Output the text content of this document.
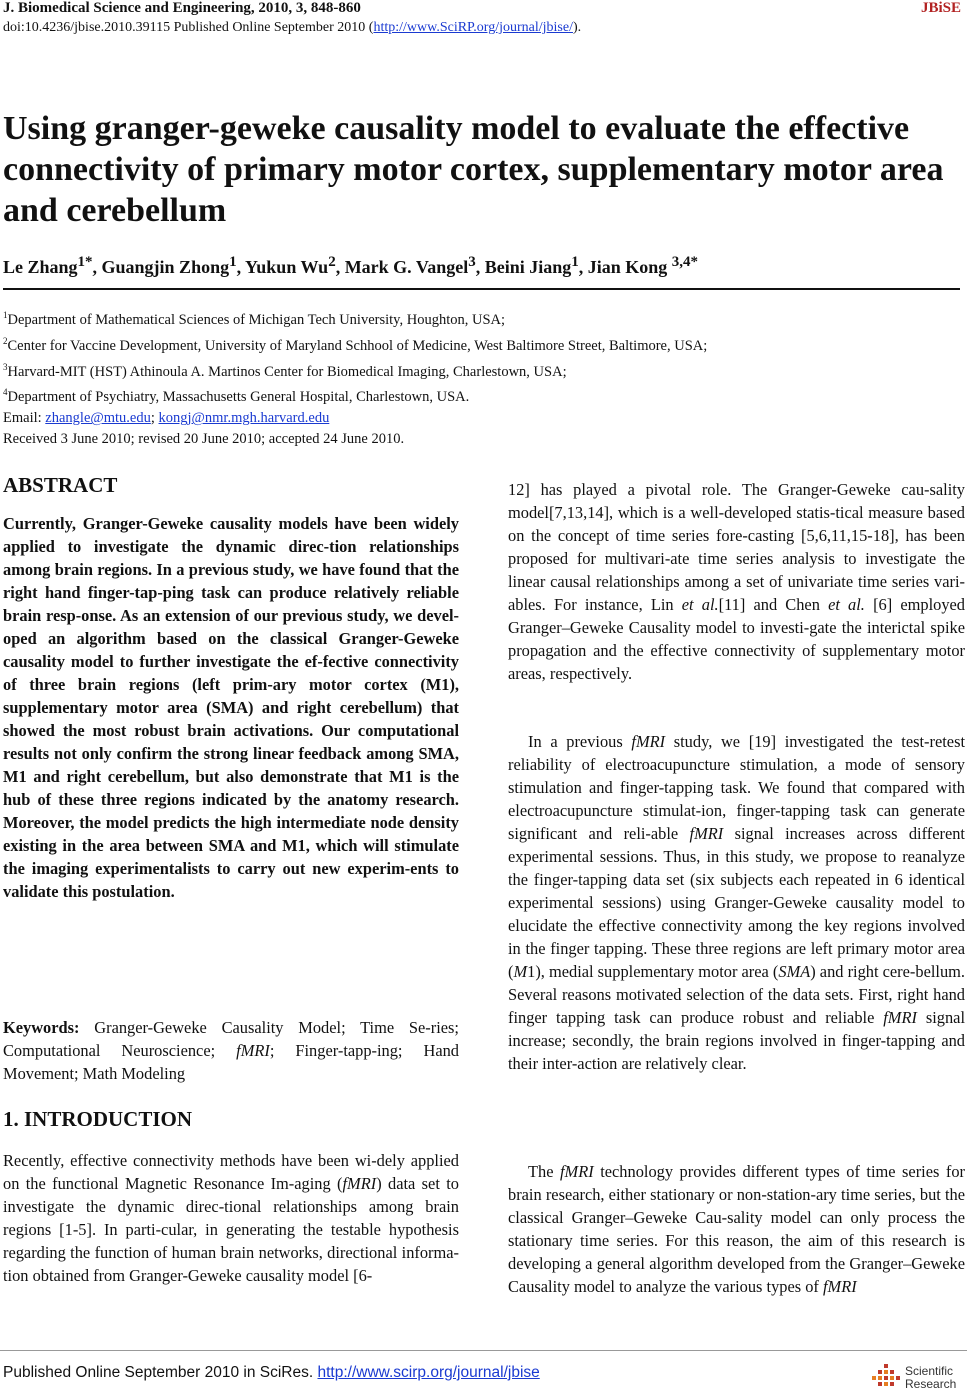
J. Biomedical Science and Engineering, 2010, 3, 848-860	JBiSE
doi:10.4236/jbise.2010.39115 Published Online September 2010 (http://www.SciRP.org/journal/jbise/).
Using granger-geweke causality model to evaluate the effective connectivity of primary motor cortex, supplementary motor area and cerebellum
Le Zhang$^{1*}$, Guangjin Zhong$^1$, Yukun Wu$^2$, Mark G. Vangel$^3$, Beini Jiang$^1$, Jian Kong $^{3,4*}$
$^1$Department of Mathematical Sciences of Michigan Tech University, Houghton, USA;
$^2$Center for Vaccine Development, University of Maryland Schhool of Medicine, West Baltimore Street, Baltimore, USA;
$^3$Harvard-MIT (HST) Athinoula A. Martinos Center for Biomedical Imaging, Charlestown, USA;
$^4$Department of Psychiatry, Massachusetts General Hospital, Charlestown, USA.
Email: zhangle@mtu.edu; kongj@nmr.mgh.harvard.edu
Received 3 June 2010; revised 20 June 2010; accepted 24 June 2010.
ABSTRACT
Currently, Granger-Geweke causality models have been widely applied to investigate the dynamic direc-tion relationships among brain regions. In a previous study, we have found that the right hand finger-tap-ping task can produce relatively reliable brain resp-onse. As an extension of our previous study, we devel-oped an algorithm based on the classical Granger-Geweke causality model to further investigate the ef-fective connectivity of three brain regions (left prim-ary motor cortex (M1), supplementary motor area (SMA) and right cerebellum) that showed the most robust brain activations. Our computational results not only confirm the strong linear feedback among SMA, M1 and right cerebellum, but also demonstrate that M1 is the hub of these three regions indicated by the anatomy research. Moreover, the model predicts the high intermediate node density existing in the area between SMA and M1, which will stimulate the imaging experimentalists to carry out new experim-ents to validate this postulation.
Keywords: Granger-Geweke Causality Model; Time Se-ries; Computational Neuroscience; fMRI; Finger-tapp-ing; Hand Movement; Math Modeling
1. INTRODUCTION
Recently, effective connectivity methods have been wi-dely applied on the functional Magnetic Resonance Im-aging (fMRI) data set to investigate the dynamic direc-tional relationships among brain regions [1-5]. In parti-cular, in generating the testable hypothesis regarding the function of human brain networks, directional informa-tion obtained from Granger-Geweke causality model [6-
12] has played a pivotal role. The Granger-Geweke cau-sality model[7,13,14], which is a well-developed statis-tical measure based on the concept of time series fore-casting [5,6,11,15-18], has been proposed for multivari-ate time series analysis to investigate the linear causal relationships among a set of univariate time series vari-ables. For instance, Lin et al.[11] and Chen et al. [6] employed Granger–Geweke Causality model to investi-gate the interictal spike propagation and the effective connectivity of supplementary motor areas, respectively.
In a previous fMRI study, we [19] investigated the test-retest reliability of electroacupuncture stimulation, a mode of sensory stimulation and finger-tapping task. We found that compared with electroacupuncture stimulat-ion, finger-tapping task can generate significant and reli-able fMRI signal increases across different experimental sessions. Thus, in this study, we propose to reanalyze the finger-tapping data set (six subjects each repeated in 6 identical experimental sessions) using Granger-Geweke causality model to elucidate the effective connectivity among the key regions involved in the finger tapping. These three regions are left primary motor area (M1), medial supplementary motor area (SMA) and right cere-bellum. Several reasons motivated selection of the data sets. First, right hand finger tapping task can produce robust and reliable fMRI signal increase; secondly, the brain regions involved in finger-tapping and their inter-action are relatively clear.
The fMRI technology provides different types of time series for brain research, either stationary or non-station-ary time series, but the classical Granger–Geweke Cau-sality model can only process the stationary time series. For this reason, the aim of this research is developing a general algorithm developed from the Granger–Geweke Causality model to analyze the various types of fMRI
Published Online September 2010 in SciRes. http://www.scirp.org/journal/jbise	Scientific
Research
